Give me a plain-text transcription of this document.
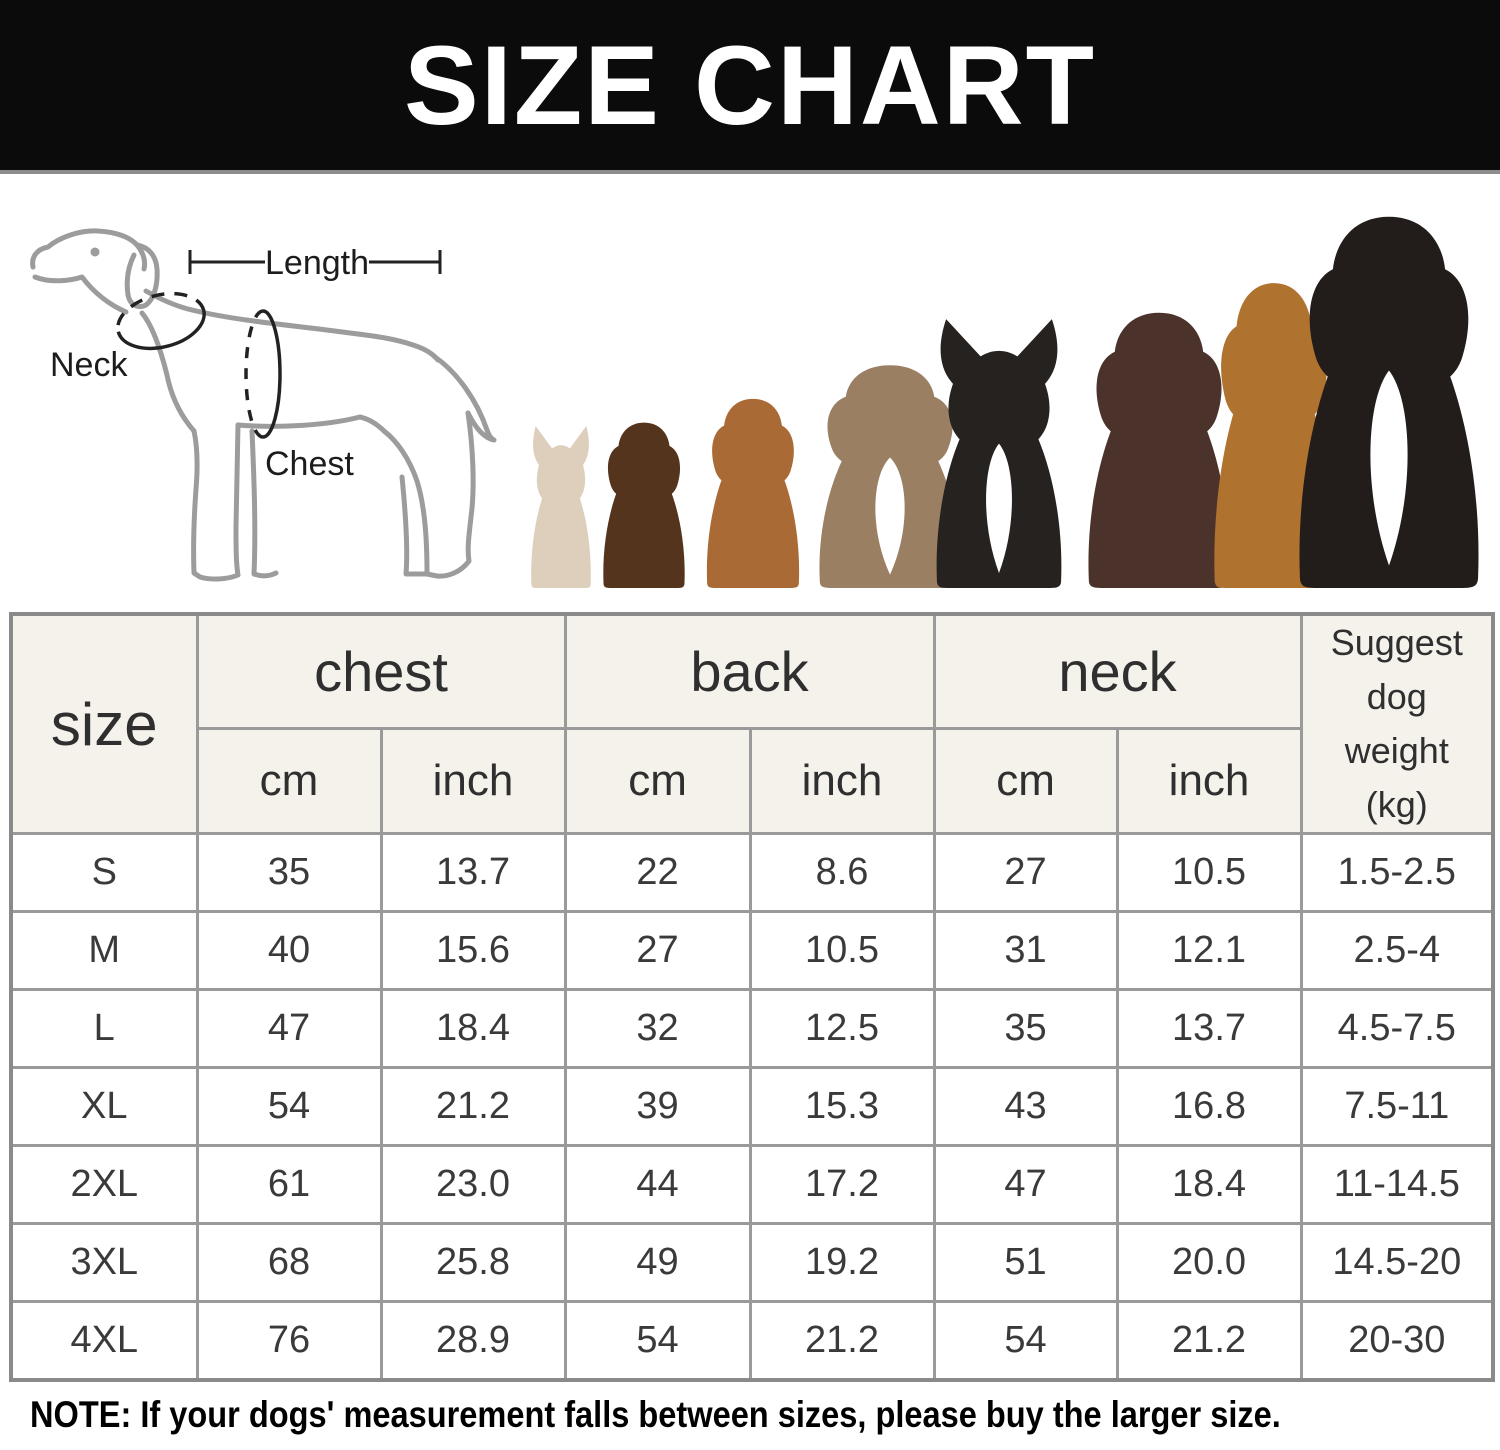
SIZE CHART
Length
Neck
Chest
size	chest		back		neck		Suggest dog
weight
(kg)

	cm	inch	cm	inch	cm	inch	
S	35	13.7	22	8.6	27	10.5	1.5-2.5
M	40	15.6	27	10.5	31	12.1	2.5-4
L	47	18.4	32	12.5	35	13.7	4.5-7.5
XL	54	21.2	39	15.3	43	16.8	7.5-11
2XL	61	23.0	44	17.2	47	18.4	11-14.5
3XL	68	25.8	49	19.2	51	20.0	14.5-20
4XL	76	28.9	54	21.2	54	21.2	20-30
NOTE: If your dogs' measurement falls between sizes, please buy the larger size.
